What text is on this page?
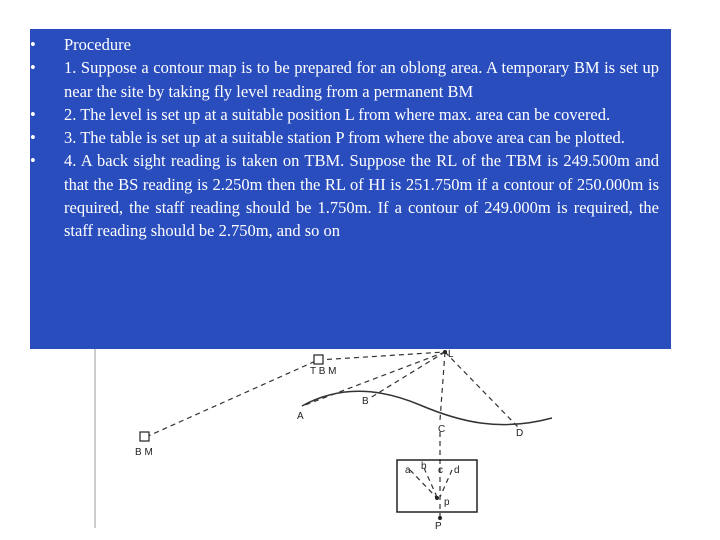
T B M
B M
L
A
B
C	D
a b c d
p
P
•	Procedure
•	1. Suppose a contour map is to be prepared for an oblong area. A temporary BM is set up near the site by taking fly level reading from a permanent BM
•	2. The level is set up at a suitable position L from where max. area can be covered.
•	3. The table is set up at a suitable station P from where the above area can be plotted.
•	4. A back sight reading is taken on TBM. Suppose the RL of the TBM is 249.500m and that the BS reading is 2.250m then the RL of HI is 251.750m if a contour of 250.000m is required, the staff reading should be 1.750m. If a contour of 249.000m is required, the staff reading should be 2.750m, and so on
